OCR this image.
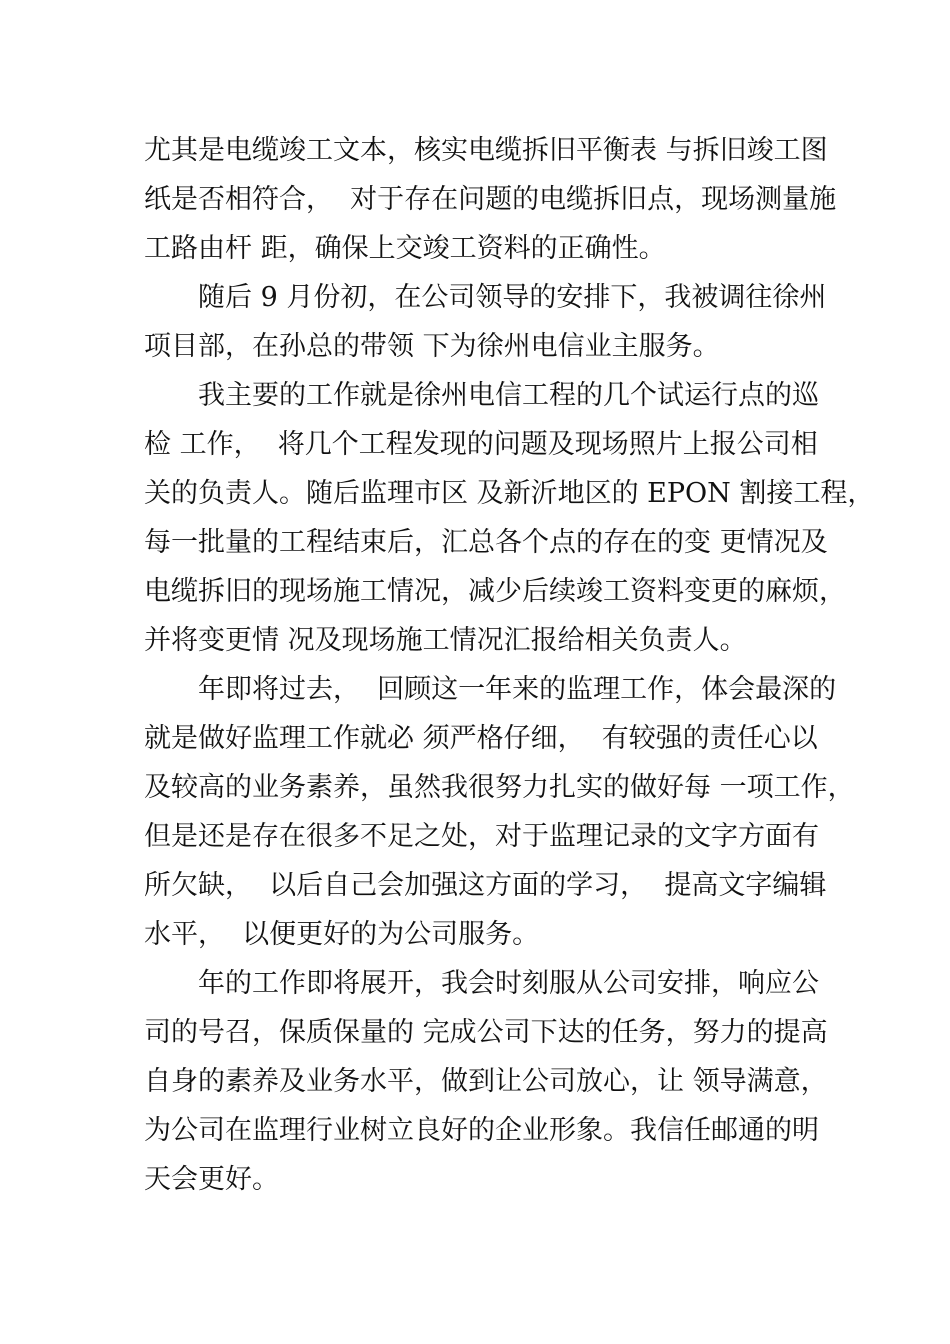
尤其是电缆竣工文本，核实电缆拆旧平衡表 与拆旧竣工图
纸是否相符合，  对于存在问题的电缆拆旧点，现场测量施
工路由杆 距，确保上交竣工资料的正确性。
随后 9 月份初，在公司领导的安排下，我被调往徐州
项目部，在孙总的带领 下为徐州电信业主服务。
我主要的工作就是徐州电信工程的几个试运行点的巡
检 工作，  将几个工程发现的问题及现场照片上报公司相
关的负责人。随后监理市区 及新沂地区的 EPON 割接工程，
每一批量的工程结束后，汇总各个点的存在的变 更情况及
电缆拆旧的现场施工情况，减少后续竣工资料变更的麻烦，
并将变更情 况及现场施工情况汇报给相关负责人。
年即将过去，  回顾这一年来的监理工作，体会最深的
就是做好监理工作就必 须严格仔细，  有较强的责任心以
及较高的业务素养，虽然我很努力扎实的做好每 一项工作，
但是还是存在很多不足之处，对于监理记录的文字方面有
所欠缺，  以后自己会加强这方面的学习，  提高文字编辑
水平，  以便更好的为公司服务。
年的工作即将展开，我会时刻服从公司安排，响应公
司的号召，保质保量的 完成公司下达的任务，努力的提高
自身的素养及业务水平，做到让公司放心，让 领导满意，
为公司在监理行业树立良好的企业形象。我信任邮通的明
天会更好。
